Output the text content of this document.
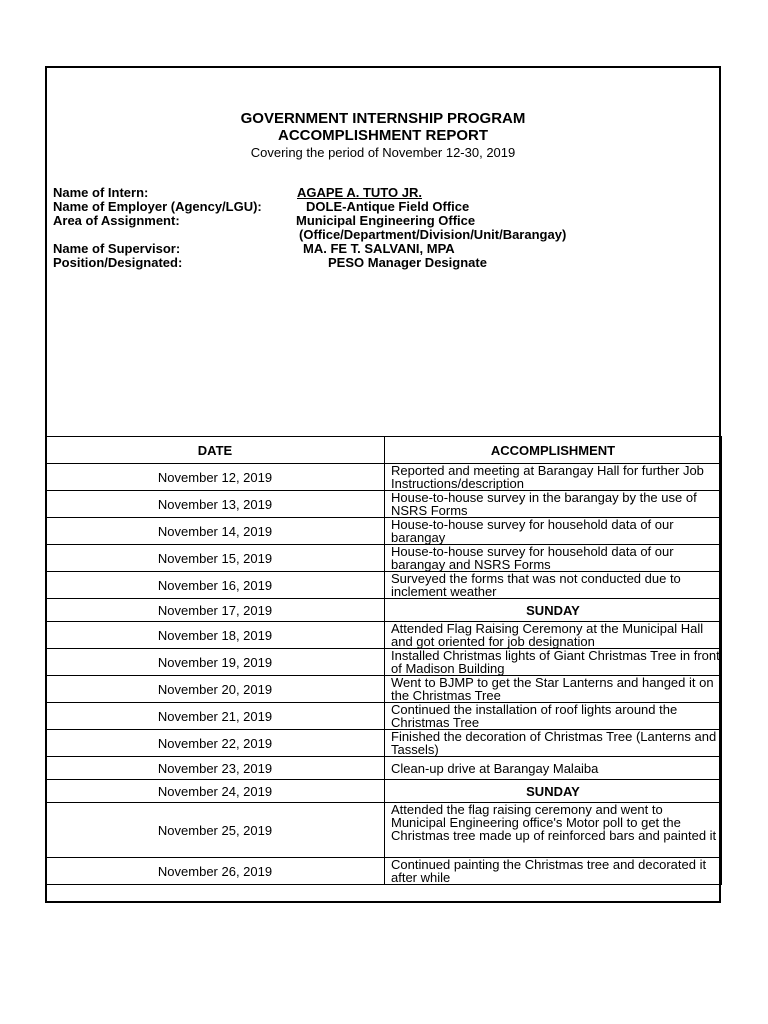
GOVERNMENT INTERNSHIP PROGRAM
ACCOMPLISHMENT REPORT
Covering the period of November 12-30, 2019
Name of Intern:	AGAPE A. TUTO JR.
Name of Employer (Agency/LGU):	DOLE-Antique Field Office
Area of Assignment:	Municipal Engineering Office
(Office/Department/Division/Unit/Barangay)
Name of Supervisor:	MA. FE T. SALVANI, MPA
Position/Designated:	PESO Manager Designate
DATE	ACCOMPLISHMENT
November 12, 2019	Reported and meeting at Barangay Hall for further Job Instructions/description
November 13, 2019	House-to-house survey in the barangay by the use of NSRS Forms
November 14, 2019	House-to-house survey for household data of our barangay
November 15, 2019	House-to-house survey for household data of our barangay and NSRS Forms
November 16, 2019	Surveyed the forms that was not conducted due to inclement weather
November 17, 2019	SUNDAY
November 18, 2019	Attended Flag Raising Ceremony at the Municipal Hall and got oriented for job designation
November 19, 2019	Installed Christmas lights of Giant Christmas Tree in front of Madison Building
November 20, 2019	Went to BJMP to get the Star Lanterns and hanged it on the Christmas Tree
November 21, 2019	Continued the installation of roof lights around the Christmas Tree
November 22, 2019	Finished the decoration of Christmas Tree (Lanterns and Tassels)
November 23, 2019	Clean-up drive at Barangay Malaiba
November 24, 2019	SUNDAY
November 25, 2019	Attended the flag raising ceremony and went to Municipal Engineering office's Motor poll to get the Christmas tree made up of reinforced bars and painted it
November 26, 2019	Continued painting the Christmas tree and decorated it after while
